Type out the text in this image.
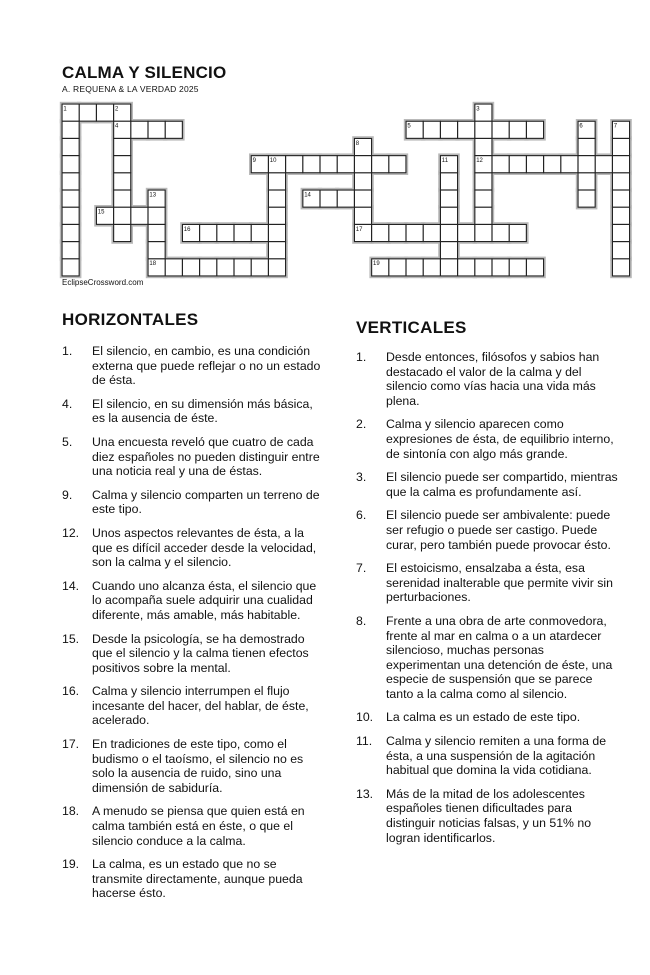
CALMA Y SILENCIO
A. REQUENA & LA VERDAD 2025
1	2	3
4	5	6	7
8
9 10	11	12
13	14
15
16	17
18	19
EclipseCrossword.com
HORIZONTALES
1.	El silencio, en cambio, es una condición externa que puede reflejar o no un estado de ésta.
4.	El silencio, en su dimensión más básica, es la ausencia de éste.
5.	Una encuesta reveló que cuatro de cada diez españoles no pueden distinguir entre una noticia real y una de éstas.
9.	Calma y silencio comparten un terreno de este tipo.
12.	Unos aspectos relevantes de ésta, a la que es difícil acceder desde la velocidad, son la calma y el silencio.
14.	Cuando uno alcanza ésta, el silencio que lo acompaña suele adquirir una cualidad diferente, más amable, más habitable.
15.	Desde la psicología, se ha demostrado que el silencio y la calma tienen efectos positivos sobre la mental.
16.	Calma y silencio interrumpen el flujo incesante del hacer, del hablar, de éste, acelerado.
17.	En tradiciones de este tipo, como el budismo o el taoísmo, el silencio no es solo la ausencia de ruido, sino una dimensión de sabiduría.
18.	A menudo se piensa que quien está en calma también está en éste, o que el silencio conduce a la calma.
19.	La calma, es un estado que no se transmite directamente, aunque pueda hacerse ésto.
VERTICALES
1.	Desde entonces, filósofos y sabios han destacado el valor de la calma y del silencio como vías hacia una vida más plena.
2.	Calma y silencio aparecen como expresiones de ésta, de equilibrio interno, de sintonía con algo más grande.
3.	El silencio puede ser compartido, mientras que la calma es profundamente así.
6.	El silencio puede ser ambivalente: puede ser refugio o puede ser castigo. Puede curar, pero también puede provocar ésto.
7.	El estoicismo, ensalzaba a ésta, esa serenidad inalterable que permite vivir sin perturbaciones.
8.	Frente a una obra de arte conmovedora, frente al mar en calma o a un atardecer silencioso, muchas personas experimentan una detención de éste, una especie de suspensión que se parece tanto a la calma como al silencio.
10.	La calma es un estado de este tipo.
11.	Calma y silencio remiten a una forma de ésta, a una suspensión de la agitación habitual que domina la vida cotidiana.
13.	Más de la mitad de los adolescentes españoles tienen dificultades para distinguir noticias falsas, y un 51% no logran identificarlos.
